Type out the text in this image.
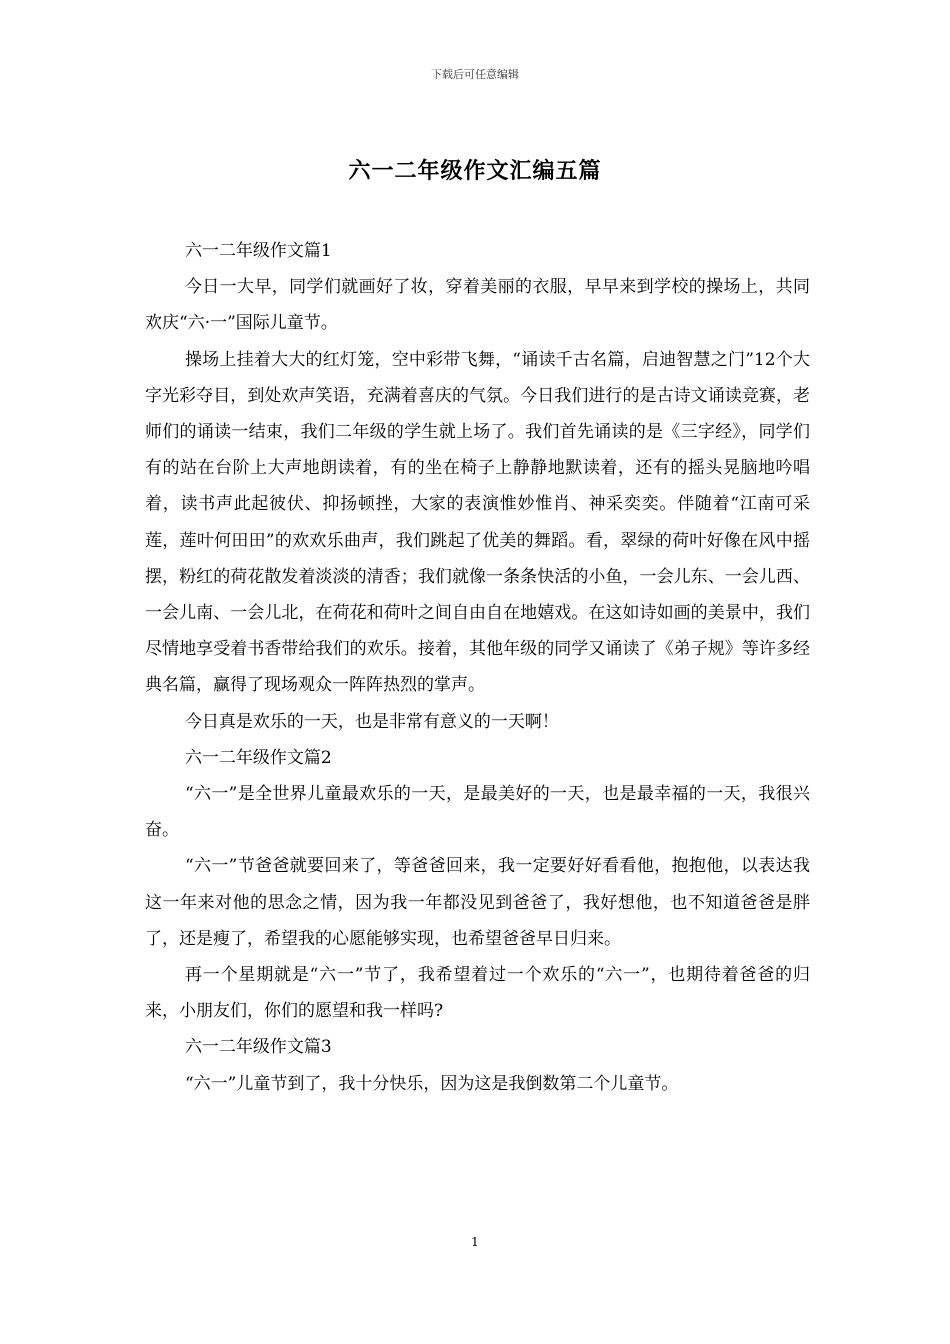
下载后可任意编辑
六一二年级作文汇编五篇

六一二年级作文篇1

今日一大早，同学们就画好了妆，穿着美丽的衣服，早早来到学校的操场上，共同欢庆“六·一”国际儿童节。

操场上挂着大大的红灯笼，空中彩带飞舞，“诵读千古名篇，启迪智慧之门”12个大字光彩夺目，到处欢声笑语，充满着喜庆的气氛。今日我们进行的是古诗文诵读竞赛，老师们的诵读一结束，我们二年级的学生就上场了。我们首先诵读的是《三字经》，同学们有的站在台阶上大声地朗读着，有的坐在椅子上静静地默读着，还有的摇头晃脑地吟唱着，读书声此起彼伏、抑扬顿挫，大家的表演惟妙惟肖、神采奕奕。伴随着“江南可采莲，莲叶何田田”的欢欢乐曲声，我们跳起了优美的舞蹈。看，翠绿的荷叶好像在风中摇摆，粉红的荷花散发着淡淡的清香；我们就像一条条快活的小鱼，一会儿东、一会儿西、一会儿南、一会儿北，在荷花和荷叶之间自由自在地嬉戏。在这如诗如画的美景中，我们尽情地享受着书香带给我们的欢乐。接着，其他年级的同学又诵读了《弟子规》等许多经典名篇，赢得了现场观众一阵阵热烈的掌声。

今日真是欢乐的一天，也是非常有意义的一天啊！

六一二年级作文篇2

“六一”是全世界儿童最欢乐的一天，是最美好的一天，也是最幸福的一天，我很兴奋。

“六一”节爸爸就要回来了，等爸爸回来，我一定要好好看看他，抱抱他，以表达我这一年来对他的思念之情，因为我一年都没见到爸爸了，我好想他，也不知道爸爸是胖了，还是瘦了，希望我的心愿能够实现，也希望爸爸早日归来。

再一个星期就是“六一”节了，我希望着过一个欢乐的“六一”，也期待着爸爸的归来，小朋友们，你们的愿望和我一样吗?

六一二年级作文篇3

“六一”儿童节到了，我十分快乐，因为这是我倒数第二个儿童节。

1
